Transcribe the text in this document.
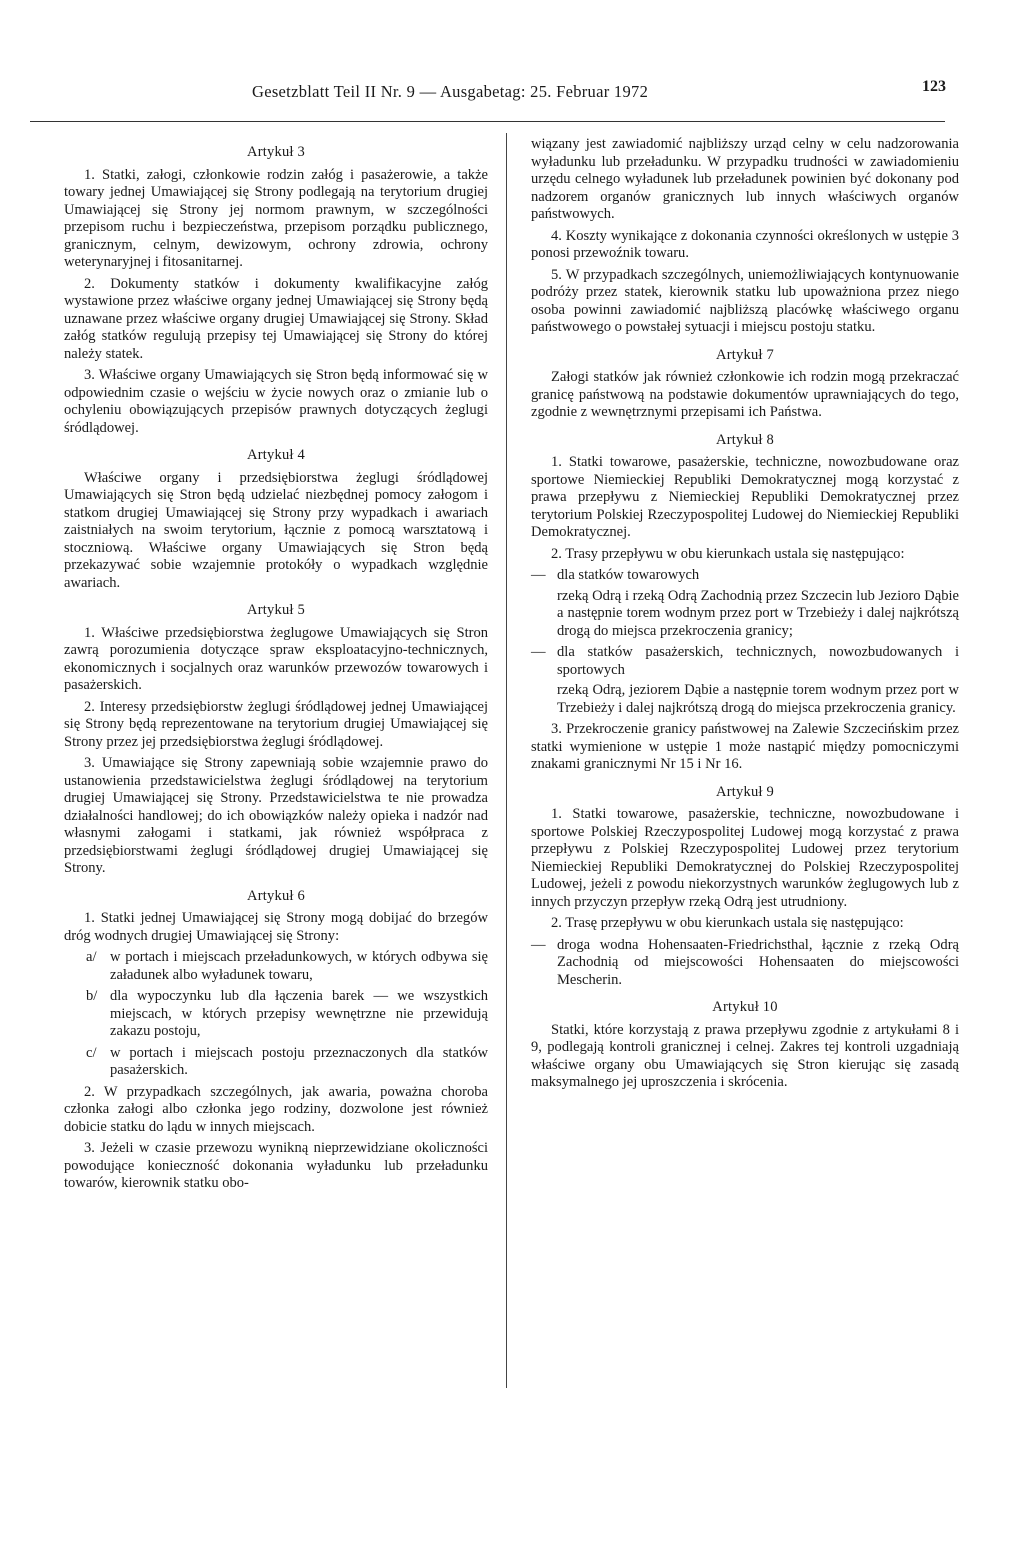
Gesetzblatt Teil II Nr. 9 — Ausgabetag: 25. Februar 1972	123
Artykuł 3

1. Statki, załogi, członkowie rodzin załóg i pasażerowie, a także towary jednej Umawiającej się Strony podlegają na terytorium drugiej Umawiającej się Strony jej normom prawnym, w szczególności przepisom ruchu i bezpieczeństwa, przepisom porządku publicznego, granicznym, celnym, dewizowym, ochrony zdrowia, ochrony weterynaryjnej i fitosanitarnej.

2. Dokumenty statków i dokumenty kwalifikacyjne załóg wystawione przez właściwe organy jednej Umawiającej się Strony będą uznawane przez właściwe organy drugiej Umawiającej się Strony. Skład załóg statków regulują przepisy tej Umawiającej się Strony do której należy statek.

3. Właściwe organy Umawiających się Stron będą informować się w odpowiednim czasie o wejściu w życie nowych oraz o zmianie lub o ochyleniu obowiązujących przepisów prawnych dotyczących żeglugi śródlądowej.

Artykuł 4

Właściwe organy i przedsiębiorstwa żeglugi śródlądowej Umawiających się Stron będą udzielać niezbędnej pomocy załogom i statkom drugiej Umawiającej się Strony przy wypadkach i awariach zaistniałych na swoim terytorium, łącznie z pomocą warsztatową i stoczniową. Właściwe organy Umawiających się Stron będą przekazywać sobie wzajemnie protokóły o wypadkach względnie awariach.

Artykuł 5

1. Właściwe przedsiębiorstwa żeglugowe Umawiających się Stron zawrą porozumienia dotyczące spraw eksploatacyjno-technicznych, ekonomicznych i socjalnych oraz warunków przewozów towarowych i pasażerskich.

2. Interesy przedsiębiorstw żeglugi śródlądowej jednej Umawiającej się Strony będą reprezentowane na terytorium drugiej Umawiającej się Strony przez jej przedsiębiorstwa żeglugi śródlądowej.

3. Umawiające się Strony zapewniają sobie wzajemnie prawo do ustanowienia przedstawicielstwa żeglugi śródlądowej na terytorium drugiej Umawiającej się Strony. Przedstawicielstwa te nie prowadza działalności handlowej; do ich obowiązków należy opieka i nadzór nad własnymi załogami i statkami, jak również współpraca z przedsiębiorstwami żeglugi śródlądowej drugiej Umawiającej się Strony.

Artykuł 6

1. Statki jednej Umawiającej się Strony mogą dobijać do brzegów dróg wodnych drugiej Umawiającej się Strony:

a/ w portach i miejscach przeładunkowych, w których odbywa się załadunek albo wyładunek towaru,
b/ dla wypoczynku lub dla łączenia barek — we wszystkich miejscach, w których przepisy wewnętrzne nie przewidują zakazu postoju,
c/ w portach i miejscach postoju przeznaczonych dla statków pasażerskich.

2. W przypadkach szczególnych, jak awaria, poważna choroba członka załogi albo członka jego rodziny, dozwolone jest również dobicie statku do lądu w innych miejscach.

3. Jeżeli w czasie przewozu wynikną nieprzewidziane okoliczności powodujące konieczność dokonania wyładunku lub przeładunku towarów, kierownik statku obo-

wiązany jest zawiadomić najbliższy urząd celny w celu nadzorowania wyładunku lub przeładunku. W przypadku trudności w zawiadomieniu urzędu celnego wyładunek lub przeładunek powinien być dokonany pod nadzorem organów granicznych lub innych właściwych organów państwowych.

4. Koszty wynikające z dokonania czynności określonych w ustępie 3 ponosi przewoźnik towaru.

5. W przypadkach szczególnych, uniemożliwiających kontynuowanie podróży przez statek, kierownik statku lub upoważniona przez niego osoba powinni zawiadomić najbliższą placówkę właściwego organu państwowego o powstałej sytuacji i miejscu postoju statku.

Artykuł 7

Załogi statków jak również członkowie ich rodzin mogą przekraczać granicę państwową na podstawie dokumentów uprawniających do tego, zgodnie z wewnętrznymi przepisami ich Państwa.

Artykuł 8

1. Statki towarowe, pasażerskie, techniczne, nowozbudowane oraz sportowe Niemieckiej Republiki Demokratycznej mogą korzystać z prawa przepływu z Niemieckiej Republiki Demokratycznej przez terytorium Polskiej Rzeczypospolitej Ludowej do Niemieckiej Republiki Demokratycznej.

2. Trasy przepływu w obu kierunkach ustala się następująco:

— dla statków towarowych
rzeką Odrą i rzeką Odrą Zachodnią przez Szczecin lub Jezioro Dąbie a następnie torem wodnym przez port w Trzebieży i dalej najkrótszą drogą do miejsca przekroczenia granicy;
— dla statków pasażerskich, technicznych, nowozbudowanych i sportowych
rzeką Odrą, jeziorem Dąbie a następnie torem wodnym przez port w Trzebieży i dalej najkrótszą drogą do miejsca przekroczenia granicy.

3. Przekroczenie granicy państwowej na Zalewie Szczecińskim przez statki wymienione w ustępie 1 może nastąpić między pomocniczymi znakami granicznymi Nr 15 i Nr 16.

Artykuł 9

1. Statki towarowe, pasażerskie, techniczne, nowozbudowane i sportowe Polskiej Rzeczypospolitej Ludowej mogą korzystać z prawa przepływu z Polskiej Rzeczypospolitej Ludowej przez terytorium Niemieckiej Republiki Demokratycznej do Polskiej Rzeczypospolitej Ludowej, jeżeli z powodu niekorzystnych warunków żeglugowych lub z innych przyczyn przepływ rzeką Odrą jest utrudniony.

2. Trasę przepływu w obu kierunkach ustala się następująco:

— droga wodna Hohensaaten-Friedrichsthal, łącznie z rzeką Odrą Zachodnią od miejscowości Hohensaaten do miejscowości Mescherin.
Artykuł 10

Statki, które korzystają z prawa przepływu zgodnie z artykułami 8 i 9, podlegają kontroli granicznej i celnej. Zakres tej kontroli uzgadniają właściwe organy obu Umawiających się Stron kierując się zasadą maksymalnego jej uproszczenia i skrócenia.
